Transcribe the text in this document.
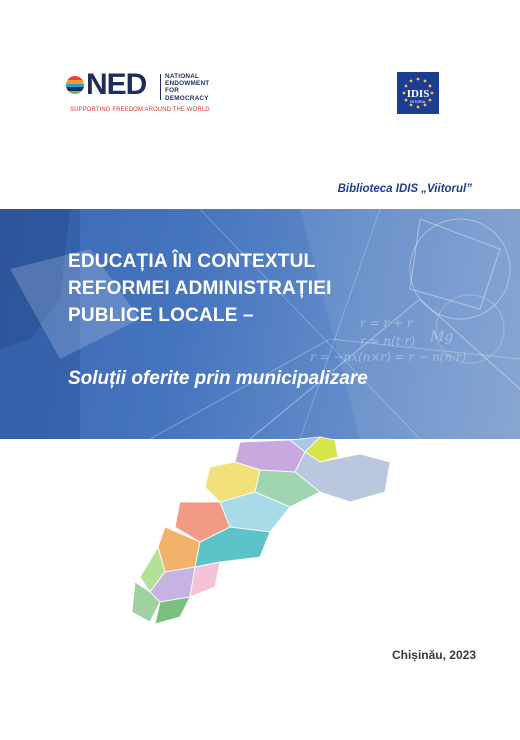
NED	NATIONAL
ENDOWMENT
FOR
DEMOCRACY
SUPPORTING FREEDOM AROUND THE WORLD
IDIS
VIITORUL
Biblioteca IDIS „Viitorul”
r = r + r
r = n(t·r)
r = −nx(n×r) = r − n(n·r)
Mg
EDUCAȚIA ÎN CONTEXTUL
REFORMEI ADMINISTRAȚIEI
PUBLICE LOCALE –
Soluții oferite prin municipalizare
Chișinău, 2023
